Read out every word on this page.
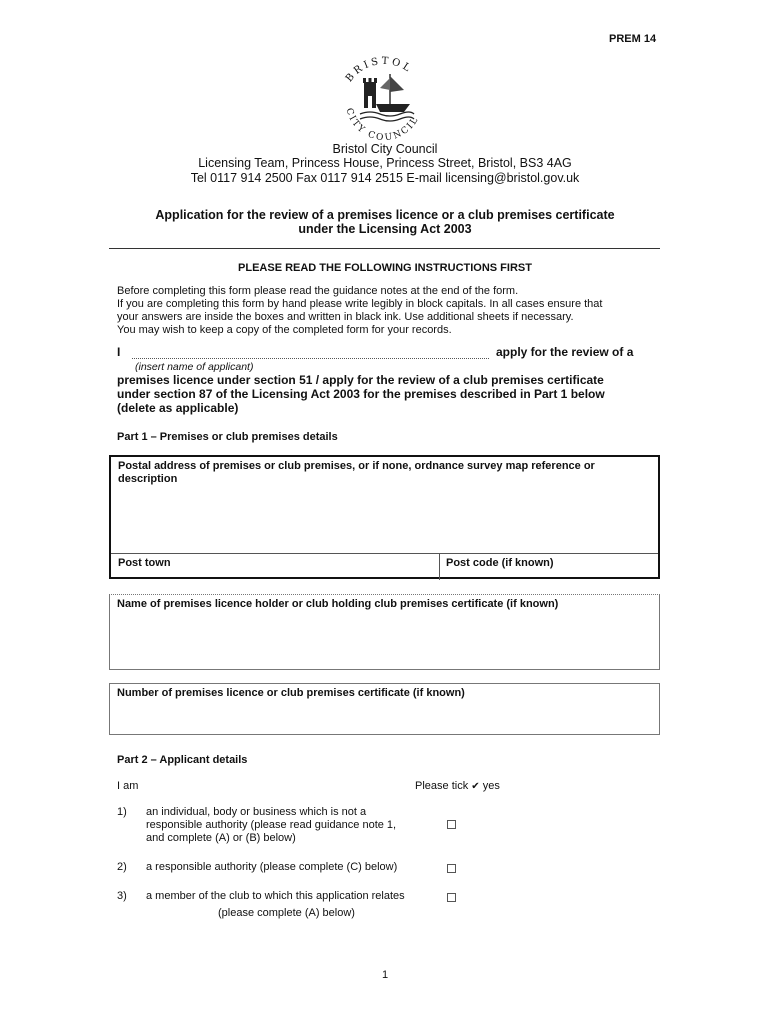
PREM 14
BRISTOL
CITY COUNCIL
Bristol City Council
Licensing Team, Princess House, Princess Street, Bristol, BS3 4AG
Tel 0117 914 2500 Fax 0117 914 2515 E-mail licensing@bristol.gov.uk
Application for the review of a premises licence or a club premises certificate
under the Licensing Act 2003
PLEASE READ THE FOLLOWING INSTRUCTIONS FIRST
Before completing this form please read the guidance notes at the end of the form.
If you are completing this form by hand please write legibly in block capitals. In all cases ensure that
your answers are inside the boxes and written in black ink. Use additional sheets if necessary.
You may wish to keep a copy of the completed form for your records.
I	apply for the review of a
(insert name of applicant)
premises licence under section 51 / apply for the review of a club premises certificate
under section 87 of the Licensing Act 2003 for the premises described in Part 1 below
(delete as applicable)
Part 1 – Premises or club premises details
Postal address of premises or club premises, or if none, ordnance survey map reference or description
Post town	Post code (if known)
Name of premises licence holder or club holding club premises certificate (if known)
Number of premises licence or club premises certificate (if known)
Part 2 – Applicant details
I am	Please tick ✔ yes
1) an individual, body or business which is not a
responsible authority (please read guidance note 1,
and complete (A) or (B) below)
2) a responsible authority (please complete (C) below)
3) a member of the club to which this application relates
(please complete (A) below)
1
